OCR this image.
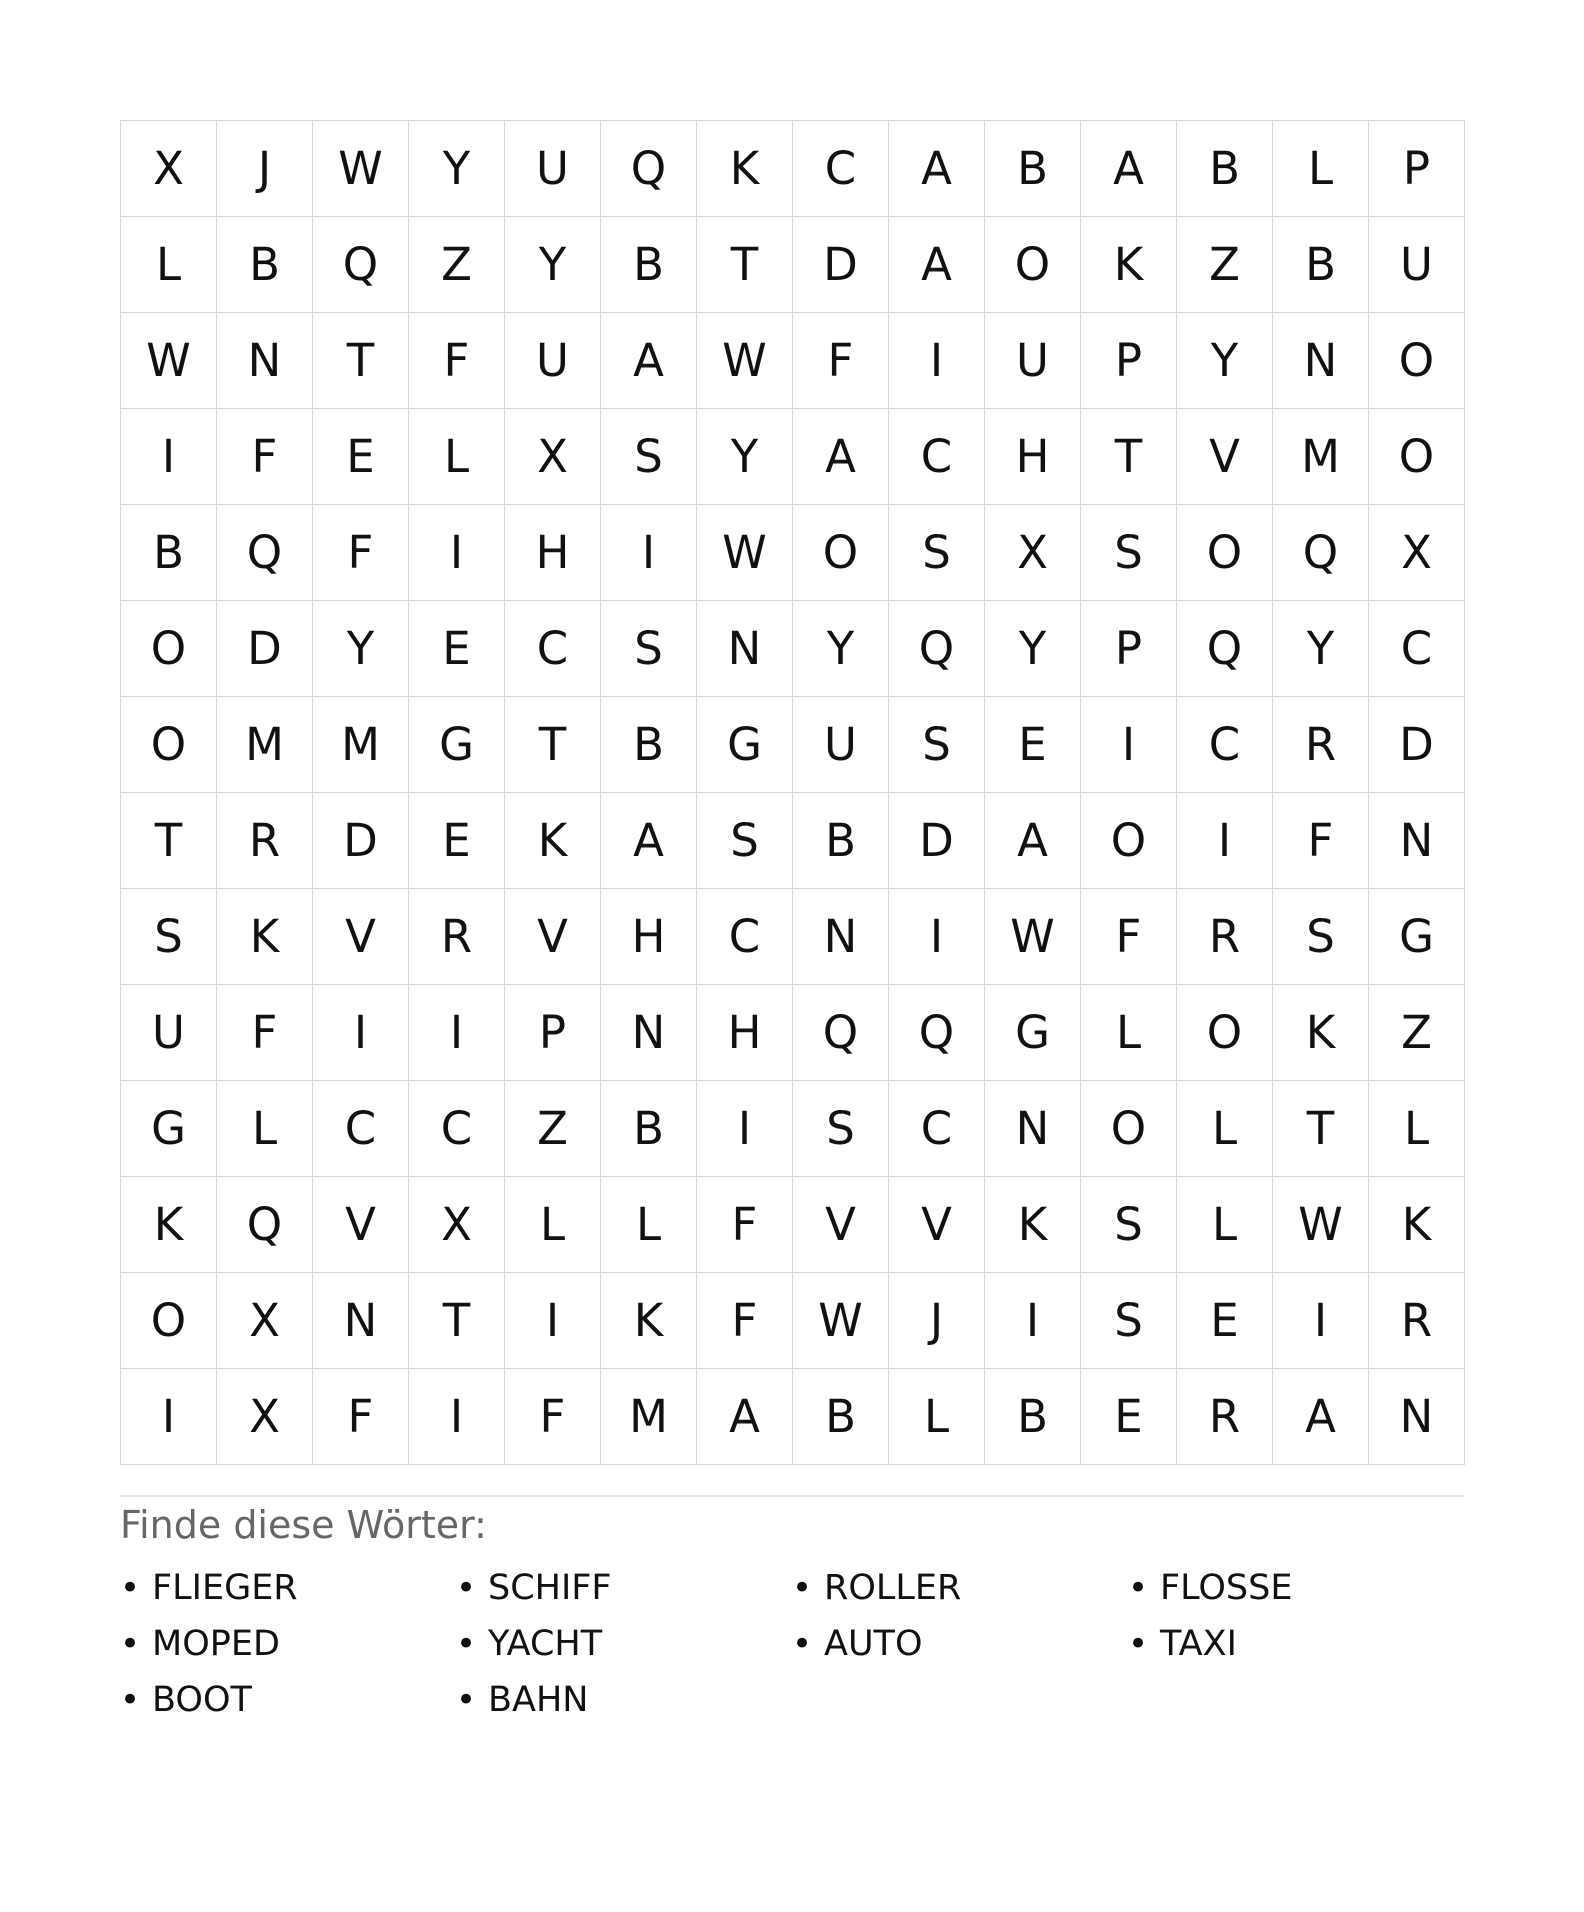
X	J	W	Y	U	Q	K	C	A	B	A	B	L	P
L	B	Q	Z	Y	B	T	D	A	O	K	Z	B	U
W	N	T	F	U	A	W	F	I	U	P	Y	N	O
I	F	E	L	X	S	Y	A	C	H	T	V	M	O
B	Q	F	I	H	I	W	O	S	X	S	O	Q	X
O	D	Y	E	C	S	N	Y	Q	Y	P	Q	Y	C
O	M	M	G	T	B	G	U	S	E	I	C	R	D
T	R	D	E	K	A	S	B	D	A	O	I	F	N
S	K	V	R	V	H	C	N	I	W	F	R	S	G
U	F	I	I	P	N	H	Q	Q	G	L	O	K	Z
G	L	C	C	Z	B	I	S	C	N	O	L	T	L
K	Q	V	X	L	L	F	V	V	K	S	L	W	K
O	X	N	T	I	K	F	W	J	I	S	E	I	R
I	X	F	I	F	M	A	B	L	B	E	R	A	N
Finde diese Wörter:
• FLIEGER	• SCHIFF	• ROLLER	• FLOSSE
• MOPED	• YACHT	• AUTO	• TAXI
• BOOT	• BAHN
